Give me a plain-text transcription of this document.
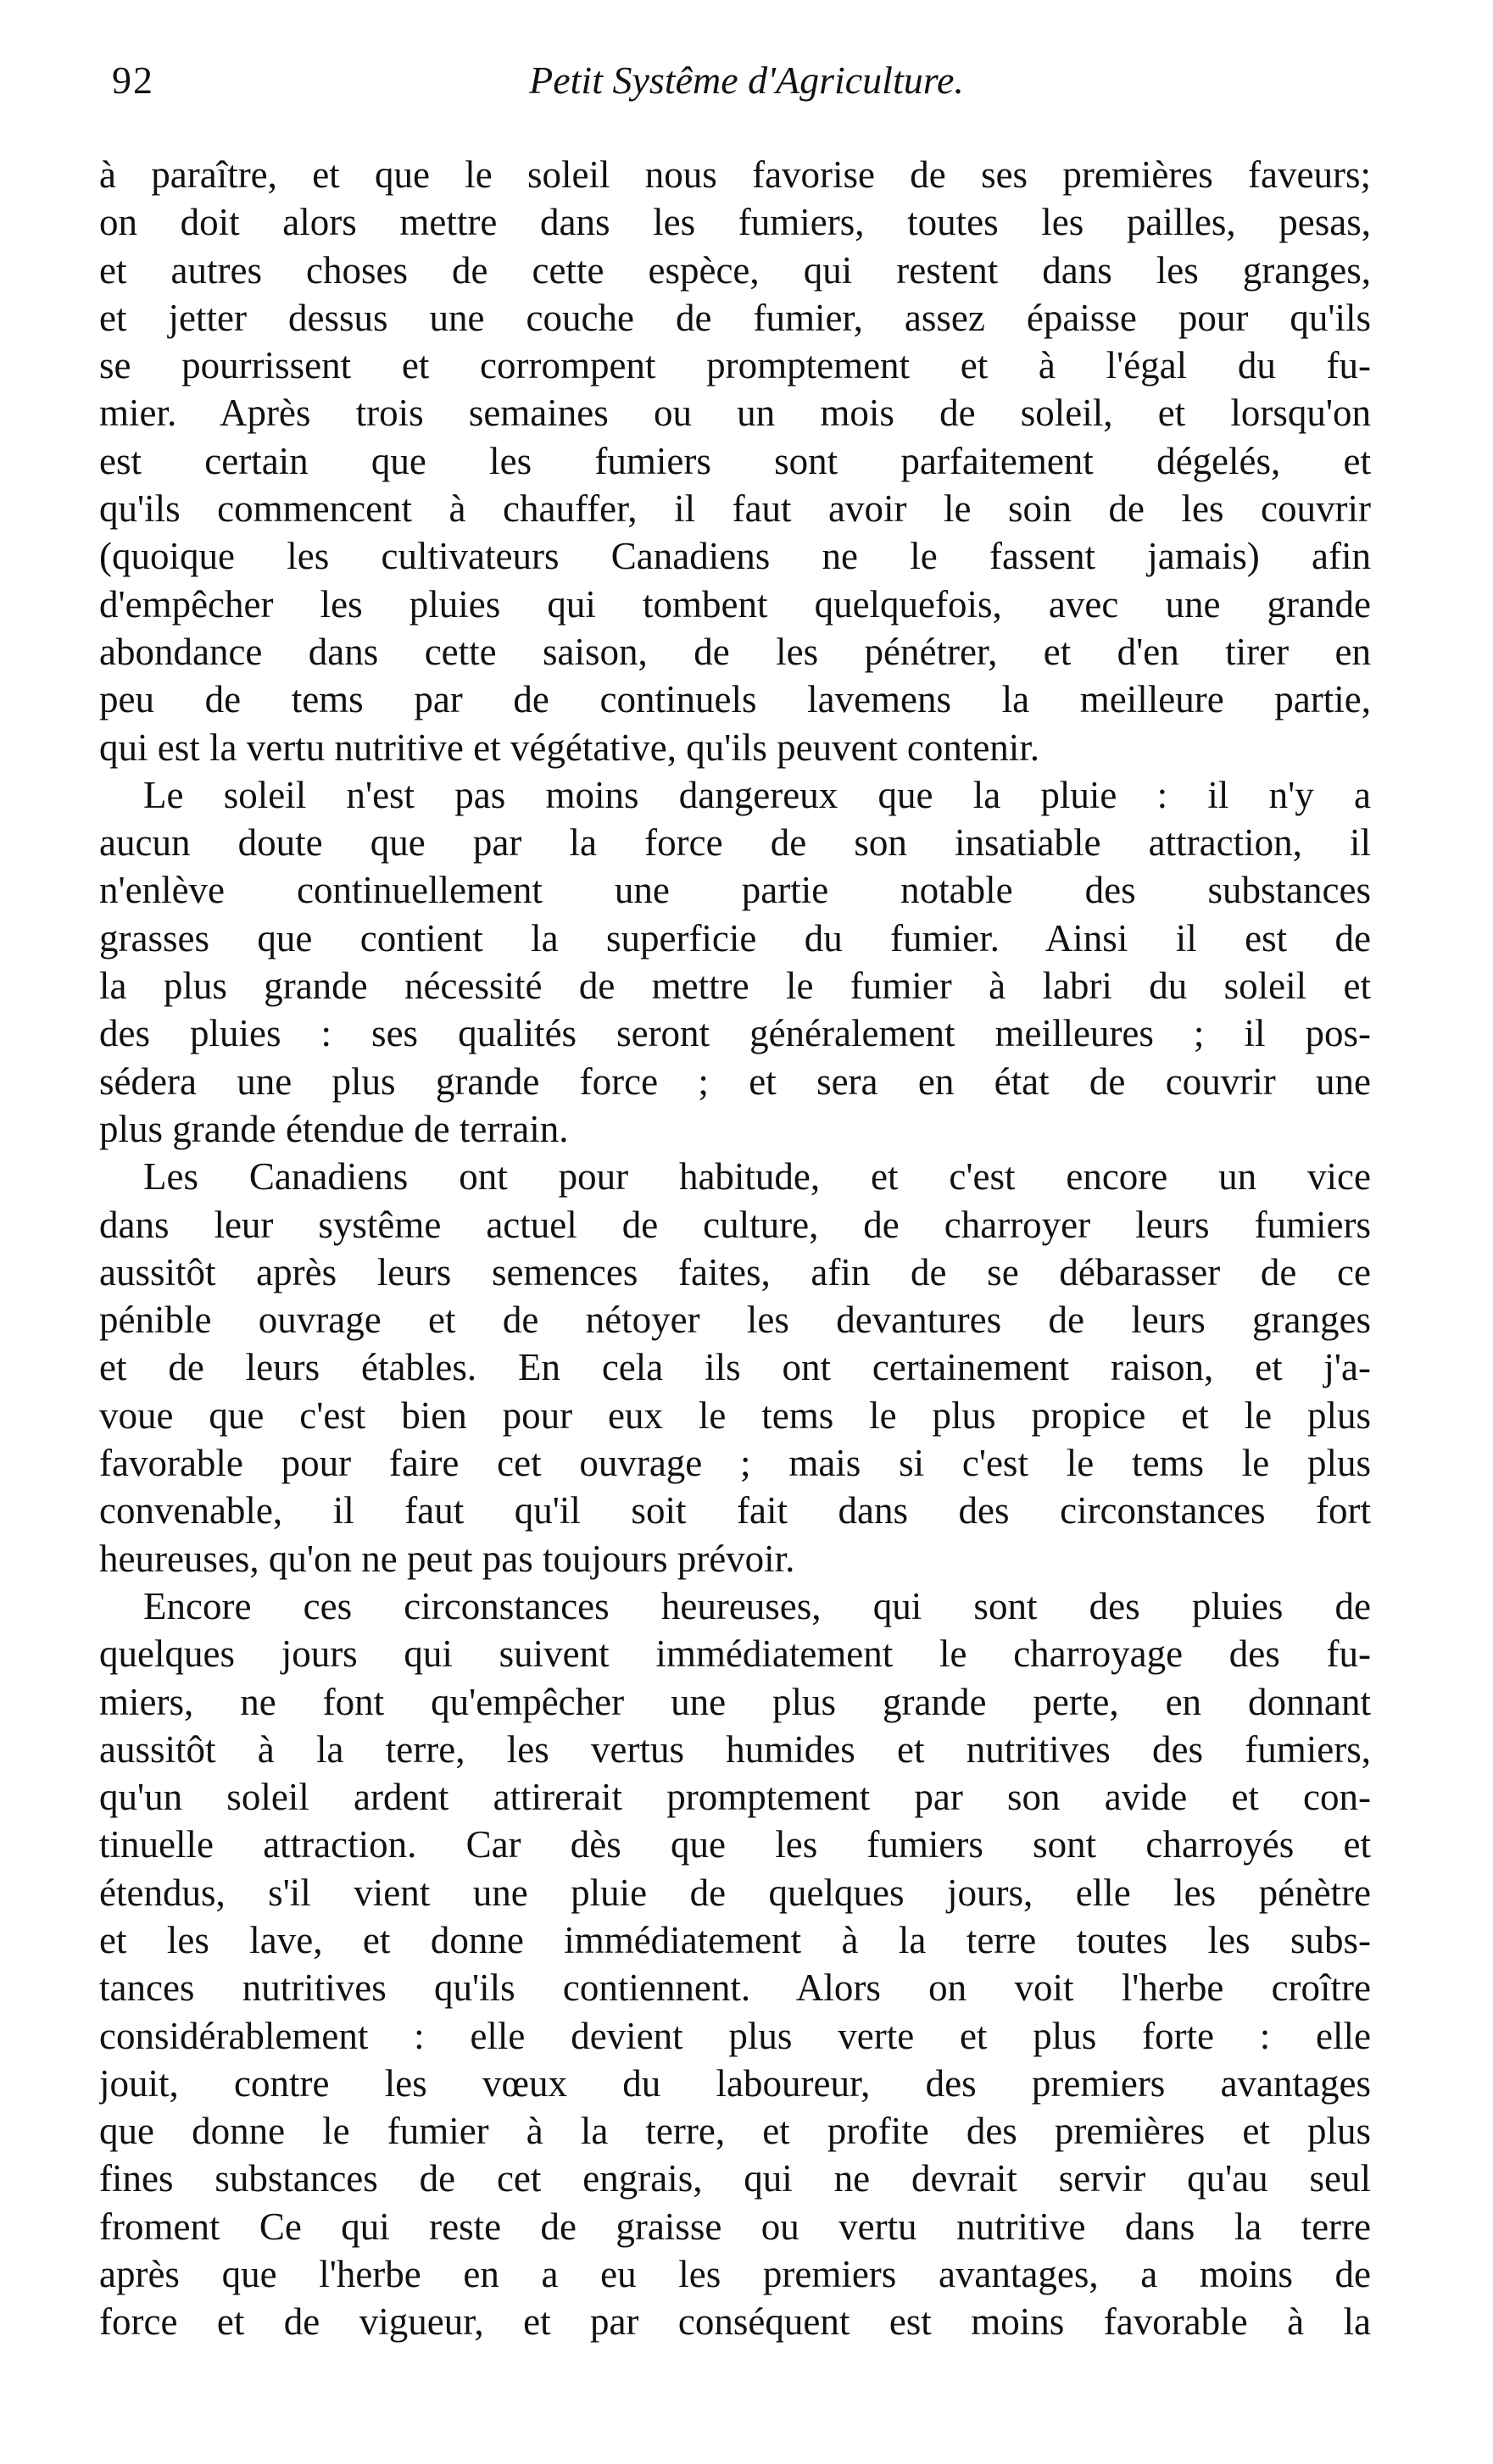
92	Petit Systême d'Agriculture.
à paraître, et que le soleil nous favorise de ses premières faveurs;
on doit alors mettre dans les fumiers, toutes les pailles, pesas,
et autres choses de cette espèce, qui restent dans les granges,
et jetter dessus une couche de fumier, assez épaisse pour qu'ils
se pourrissent et corrompent promptement et à l'égal du fu-
mier. Après trois semaines ou un mois de soleil, et lorsqu'on
est certain que les fumiers sont parfaitement dégelés, et
qu'ils commencent à chauffer, il faut avoir le soin de les couvrir
(quoique les cultivateurs Canadiens ne le fassent jamais) afin
d'empêcher les pluies qui tombent quelquefois, avec une grande
abondance dans cette saison, de les pénétrer, et d'en tirer en
peu de tems par de continuels lavemens la meilleure partie,
qui est la vertu nutritive et végétative, qu'ils peuvent contenir.
Le soleil n'est pas moins dangereux que la pluie : il n'y a
aucun doute que par la force de son insatiable attraction, il
n'enlève continuellement une partie notable des substances
grasses que contient la superficie du fumier. Ainsi il est de
la plus grande nécessité de mettre le fumier à labri du soleil et
des pluies : ses qualités seront généralement meilleures ; il pos-
sédera une plus grande force ; et sera en état de couvrir une
plus grande étendue de terrain.
Les Canadiens ont pour habitude, et c'est encore un vice
dans leur systême actuel de culture, de charroyer leurs fumiers
aussitôt après leurs semences faites, afin de se débarasser de ce
pénible ouvrage et de nétoyer les devantures de leurs granges
et de leurs étables. En cela ils ont certainement raison, et j'a-
voue que c'est bien pour eux le tems le plus propice et le plus
favorable pour faire cet ouvrage ; mais si c'est le tems le plus
convenable, il faut qu'il soit fait dans des circonstances fort
heureuses, qu'on ne peut pas toujours prévoir.
Encore ces circonstances heureuses, qui sont des pluies de
quelques jours qui suivent immédiatement le charroyage des fu-
miers, ne font qu'empêcher une plus grande perte, en donnant
aussitôt à la terre, les vertus humides et nutritives des fumiers,
qu'un soleil ardent attirerait promptement par son avide et con-
tinuelle attraction. Car dès que les fumiers sont charroyés et
étendus, s'il vient une pluie de quelques jours, elle les pénètre
et les lave, et donne immédiatement à la terre toutes les subs-
tances nutritives qu'ils contiennent. Alors on voit l'herbe croître
considérablement : elle devient plus verte et plus forte : elle
jouit, contre les vœux du laboureur, des premiers avantages
que donne le fumier à la terre, et profite des premières et plus
fines substances de cet engrais, qui ne devrait servir qu'au seul
froment Ce qui reste de graisse ou vertu nutritive dans la terre
après que l'herbe en a eu les premiers avantages, a moins de
force et de vigueur, et par conséquent est moins favorable à la
